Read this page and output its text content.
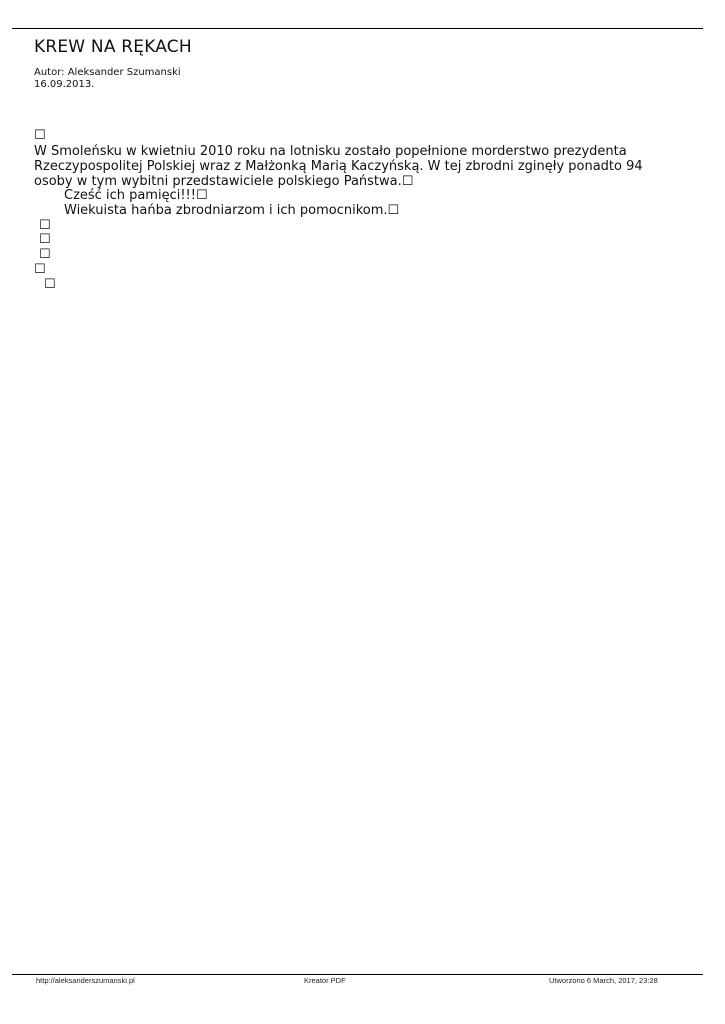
KREW NA RĘKACH
Autor: Aleksander Szumanski
16.09.2013.
☐
W Smoleńsku w kwietniu 2010 roku na lotnisku zostało popełnione morderstwo prezydenta Rzeczypospolitej Polskiej wraz z Małżonką Marią Kaczyńską. W tej zbrodni zginęły ponadto 94 osoby w tym wybitni przedstawiciele polskiego Państwa.☐
Cześć ich pamięci!!!☐
Wiekuista hańba zbrodniarzom i ich pomocnikom.☐
☐
☐
☐
☐
☐
http://aleksanderszumanski.pl	Kreator PDF	Utworzono 6 March, 2017, 23:28
